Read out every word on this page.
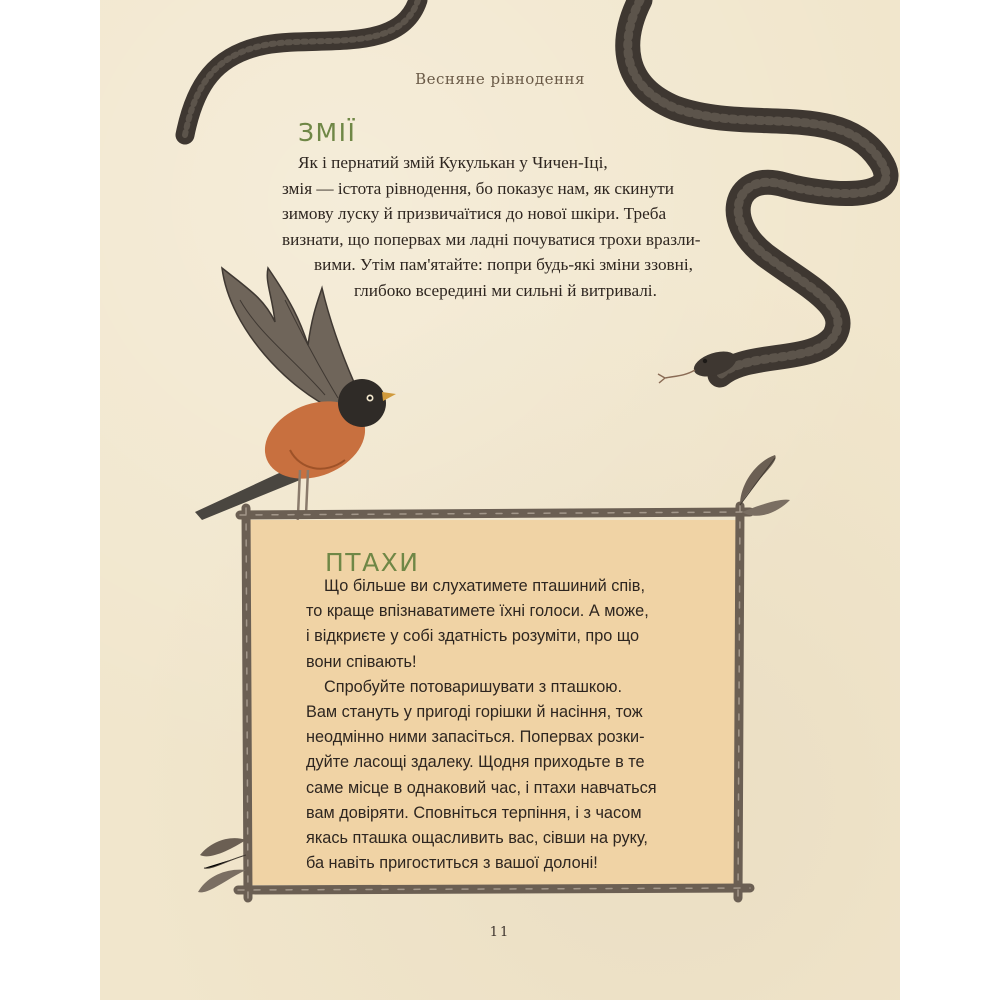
Весняне рівнодення
ЗМІЇ
Як і пернатий змій Кукулькан у Чичен-Іці,
змія — істота рівнодення, бо показує нам, як скинути
зимову луску й призвичаїтися до нової шкіри. Треба
визнати, що попервах ми ладні почуватися трохи вразли-
вими. Утім пам'ятайте: попри будь-які зміни ззовні,
глибоко всередині ми сильні й витривалі.
ПТАХИ
Що більше ви слухатимете пташиний спів,
то краще впізнаватимете їхні голоси. А може,
і відкриєте у собі здатність розуміти, про що
вони співають!
Спробуйте потоваришувати з пташкою.
Вам стануть у пригоді горішки й насіння, тож
неодмінно ними запасіться. Попервах розки-
дуйте ласощі здалеку. Щодня приходьте в те
саме місце в однаковий час, і птахи навчаться
вам довіряти. Сповніться терпіння, і з часом
якась пташка ощасливить вас, сівши на руку,
ба навіть пригоститься з вашої долоні!
11
